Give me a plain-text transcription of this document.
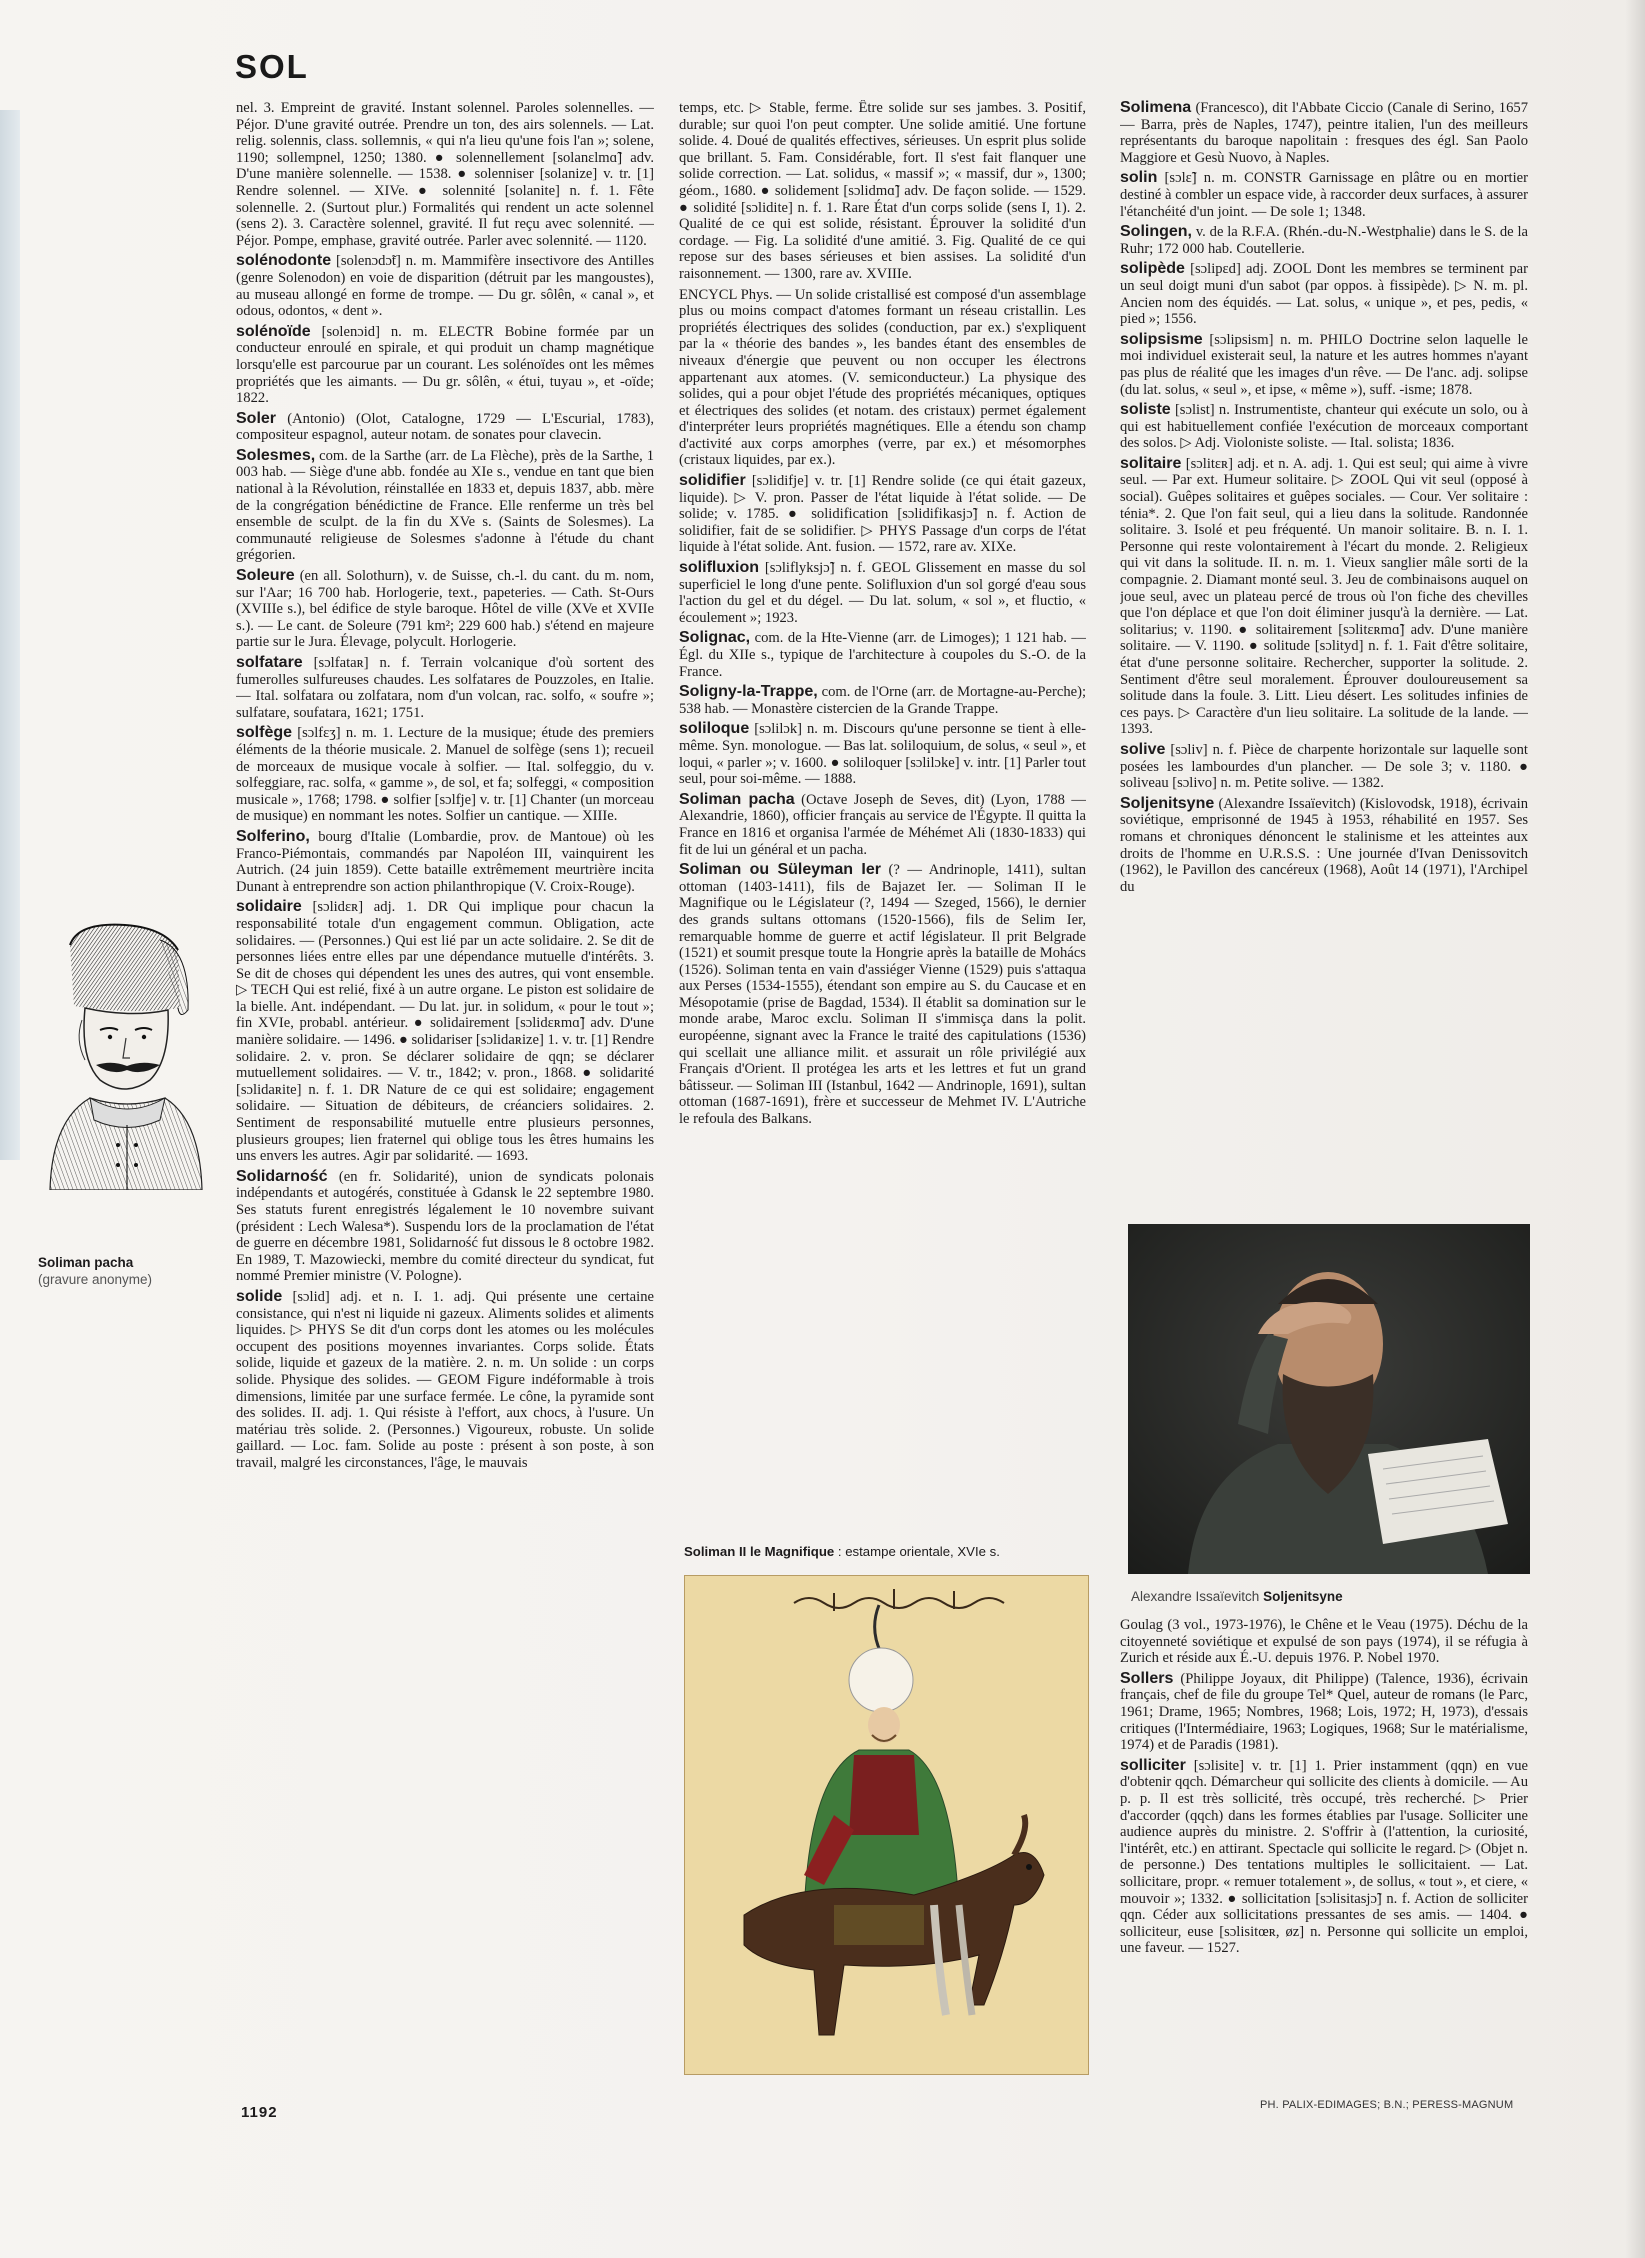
SOL

nel. 3. Empreint de gravité. Instant solennel. Paroles solennelles. — Péjor. D'une gravité outrée. Prendre un ton, des airs solennels. — Lat. relig. solennis, class. sollemnis, « qui n'a lieu qu'une fois l'an »; solene, 1190; sollempnel, 1250; 1380. ● solennellement [solanɛlmɑ̃] adv. D'une manière solennelle. — 1538. ● solenniser [solanize] v. tr. [1] Rendre solennel. — XIVe. ● solennité [solanite] n. f. 1. Fête solennelle. 2. (Surtout plur.) Formalités qui rendent un acte solennel (sens 2). 3. Caractère solennel, gravité. Il fut reçu avec solennité. — Péjor. Pompe, emphase, gravité outrée. Parler avec solennité. — 1120.

solénodonte [solenɔdɔ̃t] n. m. Mammifère insectivore des Antilles (genre Solenodon) en voie de disparition (détruit par les mangoustes), au museau allongé en forme de trompe. — Du gr. sôlên, « canal », et odous, odontos, « dent ».

solénoïde [solenɔid] n. m. ELECTR Bobine formée par un conducteur enroulé en spirale, et qui produit un champ magnétique lorsqu'elle est parcourue par un courant. Les solénoïdes ont les mêmes propriétés que les aimants. — Du gr. sôlên, « étui, tuyau », et -oïde; 1822.

Soler (Antonio) (Olot, Catalogne, 1729 — L'Escurial, 1783), compositeur espagnol, auteur notam. de sonates pour clavecin.

Solesmes, com. de la Sarthe (arr. de La Flèche), près de la Sarthe, 1 003 hab. — Siège d'une abb. fondée au XIe s., vendue en tant que bien national à la Révolution, réinstallée en 1833 et, depuis 1837, abb. mère de la congrégation bénédictine de France. Elle renferme un très bel ensemble de sculpt. de la fin du XVe s. (Saints de Solesmes). La communauté religieuse de Solesmes s'adonne à l'étude du chant grégorien.

Soleure (en all. Solothurn), v. de Suisse, ch.-l. du cant. du m. nom, sur l'Aar; 16 700 hab. Horlogerie, text., papeteries. — Cath. St-Ours (XVIIIe s.), bel édifice de style baroque. Hôtel de ville (XVe et XVIIe s.). — Le cant. de Soleure (791 km²; 229 600 hab.) s'étend en majeure partie sur le Jura. Élevage, polycult. Horlogerie.

solfatare [sɔlfataʀ] n. f. Terrain volcanique d'où sortent des fumerolles sulfureuses chaudes. Les solfatares de Pouzzoles, en Italie. — Ital. solfatara ou zolfatara, nom d'un volcan, rac. solfo, « soufre »; sulfatare, soufatara, 1621; 1751.

solfège [sɔlfɛʒ] n. m. 1. Lecture de la musique; étude des premiers éléments de la théorie musicale. 2. Manuel de solfège (sens 1); recueil de morceaux de musique vocale à solfier. — Ital. solfeggio, du v. solfeggiare, rac. solfa, « gamme », de sol, et fa; solfeggi, « composition musicale », 1768; 1798. ● solfier [sɔlfje] v. tr. [1] Chanter (un morceau de musique) en nommant les notes. Solfier un cantique. — XIIIe.

Solferino, bourg d'Italie (Lombardie, prov. de Mantoue) où les Franco-Piémontais, commandés par Napoléon III, vainquirent les Autrich. (24 juin 1859). Cette bataille extrêmement meurtrière incita Dunant à entreprendre son action philanthropique (V. Croix-Rouge).

solidaire [sɔlidɛʀ] adj. 1. DR Qui implique pour chacun la responsabilité totale d'un engagement commun. Obligation, acte solidaires. — (Personnes.) Qui est lié par un acte solidaire. 2. Se dit de personnes liées entre elles par une dépendance mutuelle d'intérêts. 3. Se dit de choses qui dépendent les unes des autres, qui vont ensemble. ▷ TECH Qui est relié, fixé à un autre organe. Le piston est solidaire de la bielle. Ant. indépendant. — Du lat. jur. in solidum, « pour le tout »; fin XVIe, probabl. antérieur. ● solidairement [sɔlidɛʀmɑ̃] adv. D'une manière solidaire. — 1496. ● solidariser [sɔlidaʀize] 1. v. tr. [1] Rendre solidaire. 2. v. pron. Se déclarer solidaire de qqn; se déclarer mutuellement solidaires. — V. tr., 1842; v. pron., 1868. ● solidarité [sɔlidaʀite] n. f. 1. DR Nature de ce qui est solidaire; engagement solidaire. — Situation de débiteurs, de créanciers solidaires. 2. Sentiment de responsabilité mutuelle entre plusieurs personnes, plusieurs groupes; lien fraternel qui oblige tous les êtres humains les uns envers les autres. Agir par solidarité. — 1693.

Solidarność (en fr. Solidarité), union de syndicats polonais indépendants et autogérés, constituée à Gdansk le 22 septembre 1980. Ses statuts furent enregistrés légalement le 10 novembre suivant (président : Lech Walesa*). Suspendu lors de la proclamation de l'état de guerre en décembre 1981, Solidarność fut dissous le 8 octobre 1982. En 1989, T. Mazowiecki, membre du comité directeur du syndicat, fut nommé Premier ministre (V. Pologne).

solide [sɔlid] adj. et n. I. 1. adj. Qui présente une certaine consistance, qui n'est ni liquide ni gazeux. Aliments solides et aliments liquides. ▷ PHYS Se dit d'un corps dont les atomes ou les molécules occupent des positions moyennes invariantes. Corps solide. États solide, liquide et gazeux de la matière. 2. n. m. Un solide : un corps solide. Physique des solides. — GEOM Figure indéformable à trois dimensions, limitée par une surface fermée. Le cône, la pyramide sont des solides. II. adj. 1. Qui résiste à l'effort, aux chocs, à l'usure. Un matériau très solide. 2. (Personnes.) Vigoureux, robuste. Un solide gaillard. — Loc. fam. Solide au poste : présent à son poste, à son travail, malgré les circonstances, l'âge, le mauvais

temps, etc. ▷ Stable, ferme. Être solide sur ses jambes. 3. Positif, durable; sur quoi l'on peut compter. Une solide amitié. Une fortune solide. 4. Doué de qualités effectives, sérieuses. Un esprit plus solide que brillant. 5. Fam. Considérable, fort. Il s'est fait flanquer une solide correction. — Lat. solidus, « massif »; « massif, dur », 1300; géom., 1680. ● solidement [sɔlidmɑ̃] adv. De façon solide. — 1529. ● solidité [sɔlidite] n. f. 1. Rare État d'un corps solide (sens I, 1). 2. Qualité de ce qui est solide, résistant. Éprouver la solidité d'un cordage. — Fig. La solidité d'une amitié. 3. Fig. Qualité de ce qui repose sur des bases sérieuses et bien assises. La solidité d'un raisonnement. — 1300, rare av. XVIIIe.

ENCYCL Phys. — Un solide cristallisé est composé d'un assemblage plus ou moins compact d'atomes formant un réseau cristallin. Les propriétés électriques des solides (conduction, par ex.) s'expliquent par la « théorie des bandes », les bandes étant des ensembles de niveaux d'énergie que peuvent ou non occuper les électrons appartenant aux atomes. (V. semiconducteur.) La physique des solides, qui a pour objet l'étude des propriétés mécaniques, optiques et électriques des solides (et notam. des cristaux) permet également d'interpréter leurs propriétés magnétiques. Elle a étendu son champ d'activité aux corps amorphes (verre, par ex.) et mésomorphes (cristaux liquides, par ex.).

solidifier [sɔlidifje] v. tr. [1] Rendre solide (ce qui était gazeux, liquide). ▷ V. pron. Passer de l'état liquide à l'état solide. — De solide; v. 1785. ● solidification [sɔlidifikasjɔ̃] n. f. Action de solidifier, fait de se solidifier. ▷ PHYS Passage d'un corps de l'état liquide à l'état solide. Ant. fusion. — 1572, rare av. XIXe.

solifluxion [sɔliflyksjɔ̃] n. f. GEOL Glissement en masse du sol superficiel le long d'une pente. Solifluxion d'un sol gorgé d'eau sous l'action du gel et du dégel. — Du lat. solum, « sol », et fluctio, « écoulement »; 1923.

Solignac, com. de la Hte-Vienne (arr. de Limoges); 1 121 hab. — Égl. du XIIe s., typique de l'architecture à coupoles du S.-O. de la France.

Soligny-la-Trappe, com. de l'Orne (arr. de Mortagne-au-Perche); 538 hab. — Monastère cistercien de la Grande Trappe.

soliloque [sɔlilɔk] n. m. Discours qu'une personne se tient à elle-même. Syn. monologue. — Bas lat. soliloquium, de solus, « seul », et loqui, « parler »; v. 1600. ● soliloquer [sɔlilɔke] v. intr. [1] Parler tout seul, pour soi-même. — 1888.

Soliman pacha (Octave Joseph de Seves, dit) (Lyon, 1788 — Alexandrie, 1860), officier français au service de l'Égypte. Il quitta la France en 1816 et organisa l'armée de Méhémet Ali (1830-1833) qui fit de lui un général et un pacha.

Soliman ou Süleyman Ier (? — Andrinople, 1411), sultan ottoman (1403-1411), fils de Bajazet Ier. — Soliman II le Magnifique ou le Législateur (?, 1494 — Szeged, 1566), le dernier des grands sultans ottomans (1520-1566), fils de Selim Ier, remarquable homme de guerre et actif législateur. Il prit Belgrade (1521) et soumit presque toute la Hongrie après la bataille de Mohács (1526). Soliman tenta en vain d'assiéger Vienne (1529) puis s'attaqua aux Perses (1534-1555), étendant son empire au S. du Caucase et en Mésopotamie (prise de Bagdad, 1534). Il établit sa domination sur le monde arabe, Maroc exclu. Soliman II s'immisça dans la polit. européenne, signant avec la France le traité des capitulations (1536) qui scellait une alliance milit. et assurait un rôle privilégié aux Français d'Orient. Il protégea les arts et les lettres et fut un grand bâtisseur. — Soliman III (Istanbul, 1642 — Andrinople, 1691), sultan ottoman (1687-1691), frère et successeur de Mehmet IV. L'Autriche le refoula des Balkans.

Solimena (Francesco), dit l'Abbate Ciccio (Canale di Serino, 1657 — Barra, près de Naples, 1747), peintre italien, l'un des meilleurs représentants du baroque napolitain : fresques des égl. San Paolo Maggiore et Gesù Nuovo, à Naples.

solin [sɔlɛ̃] n. m. CONSTR Garnissage en plâtre ou en mortier destiné à combler un espace vide, à raccorder deux surfaces, à assurer l'étanchéité d'un joint. — De sole 1; 1348.

Solingen, v. de la R.F.A. (Rhén.-du-N.-Westphalie) dans le S. de la Ruhr; 172 000 hab. Coutellerie.

solipède [sɔlipɛd] adj. ZOOL Dont les membres se terminent par un seul doigt muni d'un sabot (par oppos. à fissipède). ▷ N. m. pl. Ancien nom des équidés. — Lat. solus, « unique », et pes, pedis, « pied »; 1556.

solipsisme [sɔlipsism] n. m. PHILO Doctrine selon laquelle le moi individuel existerait seul, la nature et les autres hommes n'ayant pas plus de réalité que les images d'un rêve. — De l'anc. adj. solipse (du lat. solus, « seul », et ipse, « même »), suff. -isme; 1878.

soliste [sɔlist] n. Instrumentiste, chanteur qui exécute un solo, ou à qui est habituellement confiée l'exécution de morceaux comportant des solos. ▷ Adj. Violoniste soliste. — Ital. solista; 1836.

solitaire [sɔlitɛʀ] adj. et n. A. adj. 1. Qui est seul; qui aime à vivre seul. — Par ext. Humeur solitaire. ▷ ZOOL Qui vit seul (opposé à social). Guêpes solitaires et guêpes sociales. — Cour. Ver solitaire : ténia*. 2. Que l'on fait seul, qui a lieu dans la solitude. Randonnée solitaire. 3. Isolé et peu fréquenté. Un manoir solitaire. B. n. I. 1. Personne qui reste volontairement à l'écart du monde. 2. Religieux qui vit dans la solitude. II. n. m. 1. Vieux sanglier mâle sorti de la compagnie. 2. Diamant monté seul. 3. Jeu de combinaisons auquel on joue seul, avec un plateau percé de trous où l'on fiche des chevilles que l'on déplace et que l'on doit éliminer jusqu'à la dernière. — Lat. solitarius; v. 1190. ● solitairement [sɔlitɛʀmɑ̃] adv. D'une manière solitaire. — V. 1190. ● solitude [sɔlityd] n. f. 1. Fait d'être solitaire, état d'une personne solitaire. Rechercher, supporter la solitude. 2. Sentiment d'être seul moralement. Éprouver douloureusement sa solitude dans la foule. 3. Litt. Lieu désert. Les solitudes infinies de ces pays. ▷ Caractère d'un lieu solitaire. La solitude de la lande. — 1393.

solive [sɔliv] n. f. Pièce de charpente horizontale sur laquelle sont posées les lambourdes d'un plancher. — De sole 3; v. 1180. ● soliveau [sɔlivo] n. m. Petite solive. — 1382.

Soljenitsyne (Alexandre Issaïevitch) (Kislovodsk, 1918), écrivain soviétique, emprisonné de 1945 à 1953, réhabilité en 1957. Ses romans et chroniques dénoncent le stalinisme et les atteintes aux droits de l'homme en U.R.S.S. : Une journée d'Ivan Denissovitch (1962), le Pavillon des cancéreux (1968), Août 14 (1971), l'Archipel du

Goulag (3 vol., 1973-1976), le Chêne et le Veau (1975). Déchu de la citoyenneté soviétique et expulsé de son pays (1974), il se réfugia à Zurich et réside aux É.-U. depuis 1976. P. Nobel 1970.

Sollers (Philippe Joyaux, dit Philippe) (Talence, 1936), écrivain français, chef de file du groupe Tel* Quel, auteur de romans (le Parc, 1961; Drame, 1965; Nombres, 1968; Lois, 1972; H, 1973), d'essais critiques (l'Intermédiaire, 1963; Logiques, 1968; Sur le matérialisme, 1974) et de Paradis (1981).

solliciter [sɔlisite] v. tr. [1] 1. Prier instamment (qqn) en vue d'obtenir qqch. Démarcheur qui sollicite des clients à domicile. — Au p. p. Il est très sollicité, très occupé, très recherché. ▷ Prier d'accorder (qqch) dans les formes établies par l'usage. Solliciter une audience auprès du ministre. 2. S'offrir à (l'attention, la curiosité, l'intérêt, etc.) en attirant. Spectacle qui sollicite le regard. ▷ (Objet n. de personne.) Des tentations multiples le sollicitaient. — Lat. sollicitare, propr. « remuer totalement », de sollus, « tout », et ciere, « mouvoir »; 1332. ● sollicitation [sɔlisitasjɔ̃] n. f. Action de solliciter qqn. Céder aux sollicitations pressantes de ses amis. — 1404. ● solliciteur, euse [sɔlisitœʀ, øz] n. Personne qui sollicite un emploi, une faveur. — 1527.

Soliman pacha
(gravure anonyme)
Soliman II le Magnifique : estampe orientale, XVIe s.
Alexandre Issaïevitch Soljenitsyne
1192	PH. PALIX-EDIMAGES; B.N.; PERESS-MAGNUM
